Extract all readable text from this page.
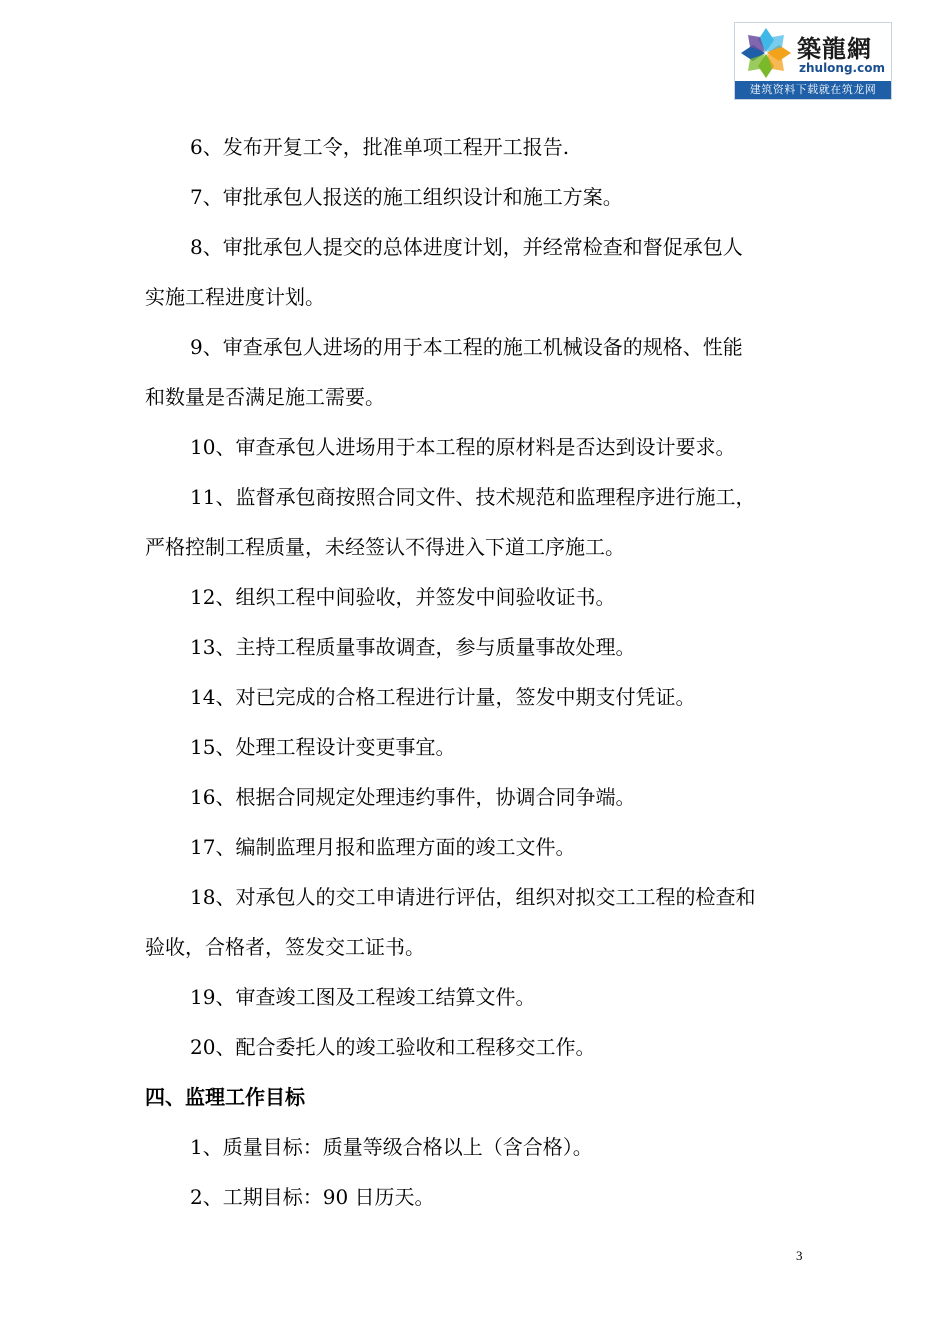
築龍網
zhulong.com
建筑资料下载就在筑龙网

6、发布开复工令，批准单项工程开工报告.

7、审批承包人报送的施工组织设计和施工方案。

8、审批承包人提交的总体进度计划，并经常检查和督促承包人

实施工程进度计划。

9、审查承包人进场的用于本工程的施工机械设备的规格、性能

和数量是否满足施工需要。

10、审查承包人进场用于本工程的原材料是否达到设计要求。

11、监督承包商按照合同文件、技术规范和监理程序进行施工，

严格控制工程质量，未经签认不得进入下道工序施工。

12、组织工程中间验收，并签发中间验收证书。

13、主持工程质量事故调查，参与质量事故处理。

14、对已完成的合格工程进行计量，签发中期支付凭证。

15、处理工程设计变更事宜。

16、根据合同规定处理违约事件，协调合同争端。

17、编制监理月报和监理方面的竣工文件。

18、对承包人的交工申请进行评估，组织对拟交工工程的检查和

验收，合格者，签发交工证书。

19、审查竣工图及工程竣工结算文件。

20、配合委托人的竣工验收和工程移交工作。

四、监理工作目标

1、质量目标：质量等级合格以上（含合格）。

2、工期目标：90 日历天。

3
